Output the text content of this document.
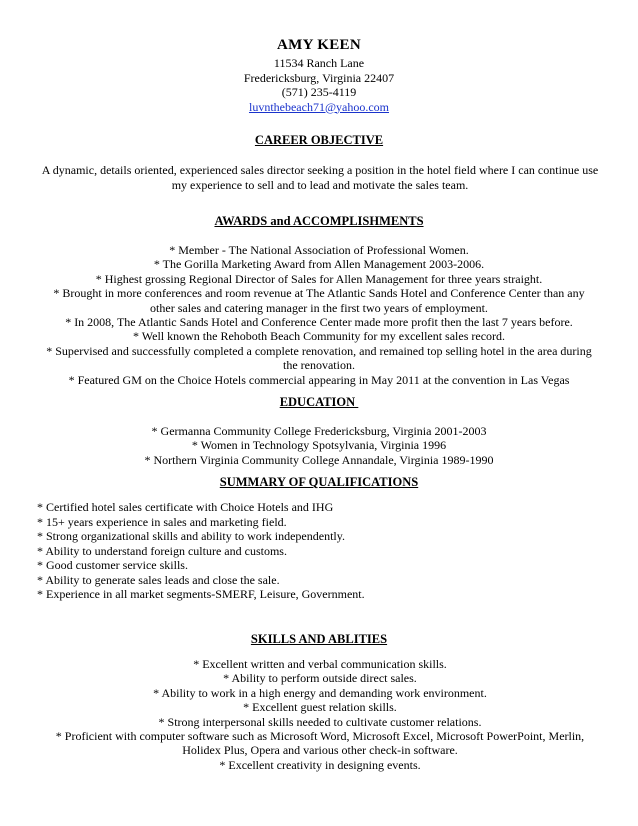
AMY KEEN
11534 Ranch Lane
Fredericksburg, Virginia 22407
(571) 235-4119
luvnthebeach71@yahoo.com
CAREER OBJECTIVE
A dynamic, details oriented, experienced sales director seeking a position in the hotel field where I can continue use my experience to sell and to lead and motivate the sales team.
AWARDS and ACCOMPLISHMENTS
* Member - The National Association of Professional Women.
* The Gorilla Marketing Award from Allen Management 2003-2006.
* Highest grossing Regional Director of Sales for Allen Management for three years straight.
* Brought in more conferences and room revenue at The Atlantic Sands Hotel and Conference Center than any other sales and catering manager in the first two years of employment.
* In 2008, The Atlantic Sands Hotel and Conference Center made more profit then the last 7 years before.
* Well known the Rehoboth Beach Community for my excellent sales record.
* Supervised and successfully completed a complete renovation, and remained top selling hotel in the area during the renovation.
* Featured GM on the Choice Hotels commercial appearing in May 2011 at the convention in Las Vegas
EDUCATION
* Germanna Community College Fredericksburg, Virginia 2001-2003
* Women in Technology Spotsylvania, Virginia 1996
* Northern Virginia Community College Annandale, Virginia 1989-1990
SUMMARY OF QUALIFICATIONS
* Certified hotel sales certificate with Choice Hotels and IHG
* 15+ years experience in sales and marketing field.
* Strong organizational skills and ability to work independently.
* Ability to understand foreign culture and customs.
* Good customer service skills.
* Ability to generate sales leads and close the sale.
* Experience in all market segments-SMERF, Leisure, Government.
SKILLS AND ABLITIES
* Excellent written and verbal communication skills.
* Ability to perform outside direct sales.
* Ability to work in a high energy and demanding work environment.
* Excellent guest relation skills.
* Strong interpersonal skills needed to cultivate customer relations.
* Proficient with computer software such as Microsoft Word, Microsoft Excel, Microsoft PowerPoint, Merlin, Holidex Plus, Opera and various other check-in software.
* Excellent creativity in designing events.
